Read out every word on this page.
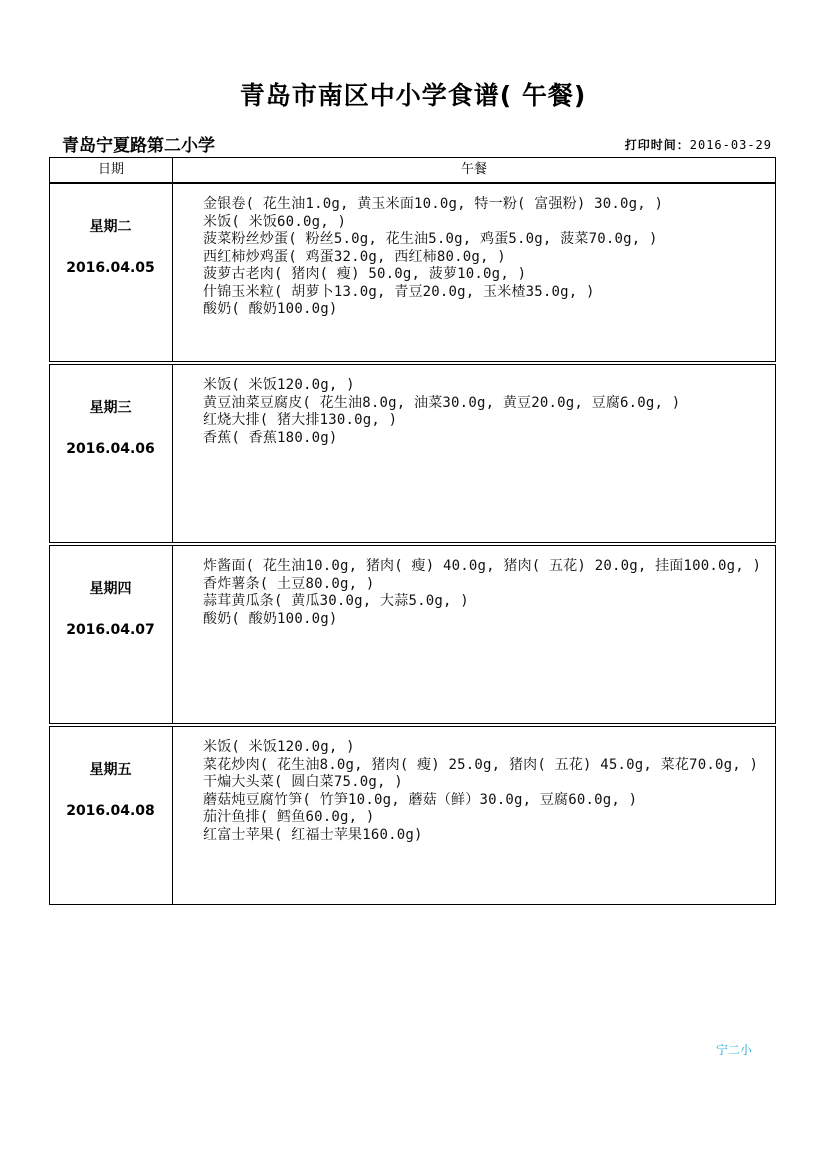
青岛市南区中小学食谱( 午餐)
青岛宁夏路第二小学	打印时间：2016-03-29
日期	午餐
星期二
2016.04.05
金银卷( 花生油1.0g, 黄玉米面10.0g, 特一粉( 富强粉) 30.0g, )
米饭( 米饭60.0g, )
菠菜粉丝炒蛋( 粉丝5.0g, 花生油5.0g, 鸡蛋5.0g, 菠菜70.0g, )
西红柿炒鸡蛋( 鸡蛋32.0g, 西红柿80.0g, )
菠萝古老肉( 猪肉( 瘦) 50.0g, 菠萝10.0g, )
什锦玉米粒( 胡萝卜13.0g, 青豆20.0g, 玉米楂35.0g, )
酸奶( 酸奶100.0g)
星期三
2016.04.06
米饭( 米饭120.0g, )
黄豆油菜豆腐皮( 花生油8.0g, 油菜30.0g, 黄豆20.0g, 豆腐6.0g, )
红烧大排( 猪大排130.0g, )
香蕉( 香蕉180.0g)
星期四
2016.04.07
炸酱面( 花生油10.0g, 猪肉( 瘦) 40.0g, 猪肉( 五花) 20.0g, 挂面100.0g, )
香炸薯条( 土豆80.0g, )
蒜茸黄瓜条( 黄瓜30.0g, 大蒜5.0g, )
酸奶( 酸奶100.0g)
星期五
2016.04.08
米饭( 米饭120.0g, )
菜花炒肉( 花生油8.0g, 猪肉( 瘦) 25.0g, 猪肉( 五花) 45.0g, 菜花70.0g, )
干煸大头菜( 圆白菜75.0g, )
蘑菇炖豆腐竹笋( 竹笋10.0g, 蘑菇（鲜）30.0g, 豆腐60.0g, )
茄汁鱼排( 鳕鱼60.0g, )
红富士苹果( 红福士苹果160.0g)
宁二小
